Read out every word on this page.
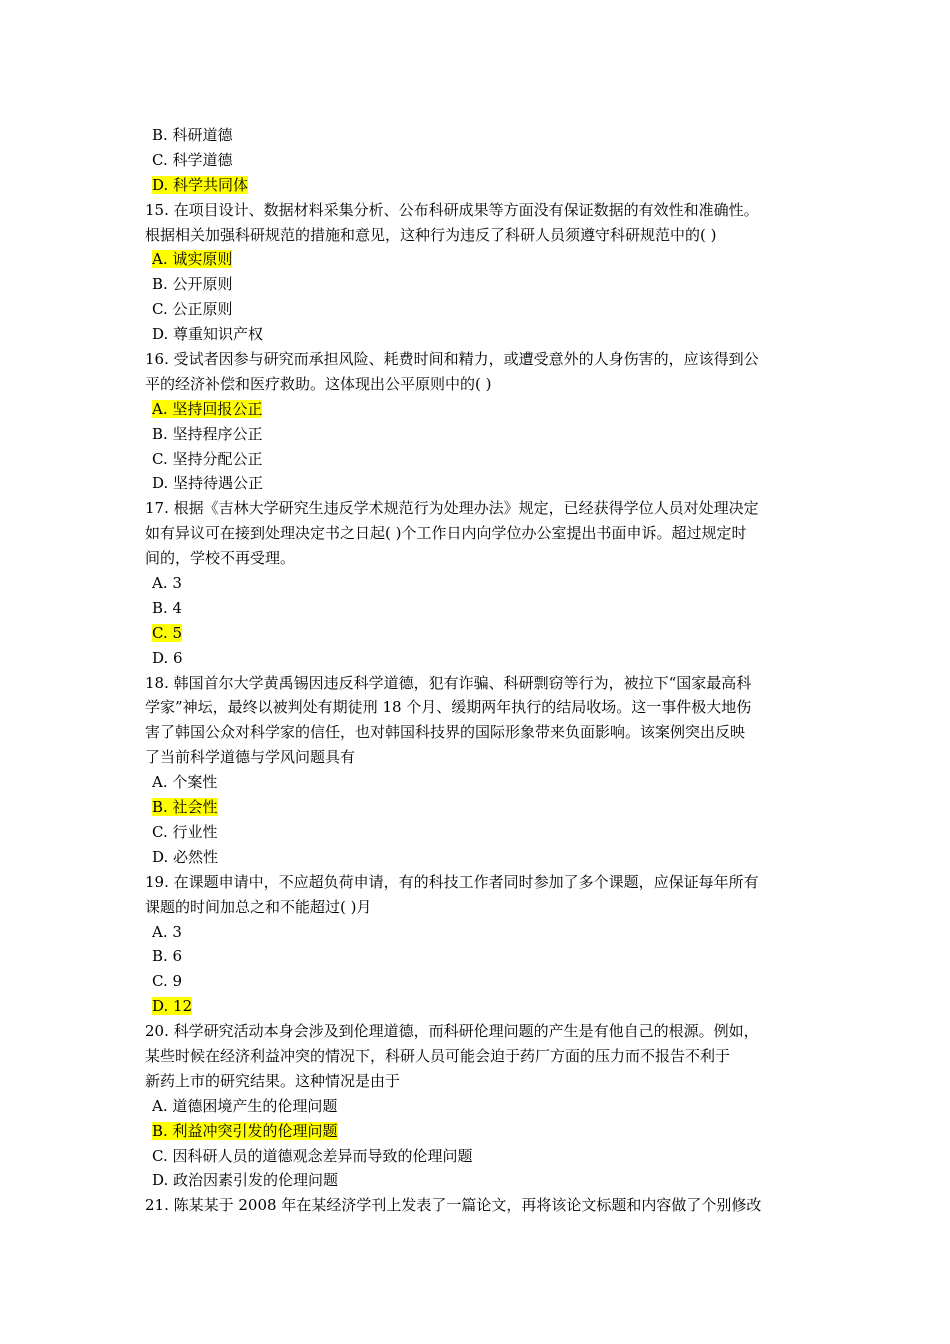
B. 科研道德
C. 科学道德
D. 科学共同体
15. 在项目设计、数据材料采集分析、公布科研成果等方面没有保证数据的有效性和准确性。
根据相关加强科研规范的措施和意见，这种行为违反了科研人员须遵守科研规范中的( )
A. 诚实原则
B. 公开原则
C. 公正原则
D. 尊重知识产权
16. 受试者因参与研究而承担风险、耗费时间和精力，或遭受意外的人身伤害的，应该得到公
平的经济补偿和医疗救助。这体现出公平原则中的( )
A. 坚持回报公正
B. 坚持程序公正
C. 坚持分配公正
D. 坚持待遇公正
17. 根据《吉林大学研究生违反学术规范行为处理办法》规定，已经获得学位人员对处理决定
如有异议可在接到处理决定书之日起( )个工作日内向学位办公室提出书面申诉。超过规定时
间的，学校不再受理。
A. 3
B. 4
C. 5
D. 6
18. 韩国首尔大学黄禹锡因违反科学道德，犯有诈骗、科研剽窃等行为，被拉下“国家最高科
学家”神坛，最终以被判处有期徒刑 18 个月、缓期两年执行的结局收场。这一事件极大地伤
害了韩国公众对科学家的信任，也对韩国科技界的国际形象带来负面影响。该案例突出反映
了当前科学道德与学风问题具有
A. 个案性
B. 社会性
C. 行业性
D. 必然性
19. 在课题申请中，不应超负荷申请，有的科技工作者同时参加了多个课题，应保证每年所有
课题的时间加总之和不能超过( )月
A. 3
B. 6
C. 9
D. 12
20. 科学研究活动本身会涉及到伦理道德，而科研伦理问题的产生是有他自己的根源。例如，
某些时候在经济利益冲突的情况下，科研人员可能会迫于药厂方面的压力而不报告不利于
新药上市的研究结果。这种情况是由于
A. 道德困境产生的伦理问题
B. 利益冲突引发的伦理问题
C. 因科研人员的道德观念差异而导致的伦理问题
D. 政治因素引发的伦理问题
21. 陈某某于 2008 年在某经济学刊上发表了一篇论文，再将该论文标题和内容做了个别修改
